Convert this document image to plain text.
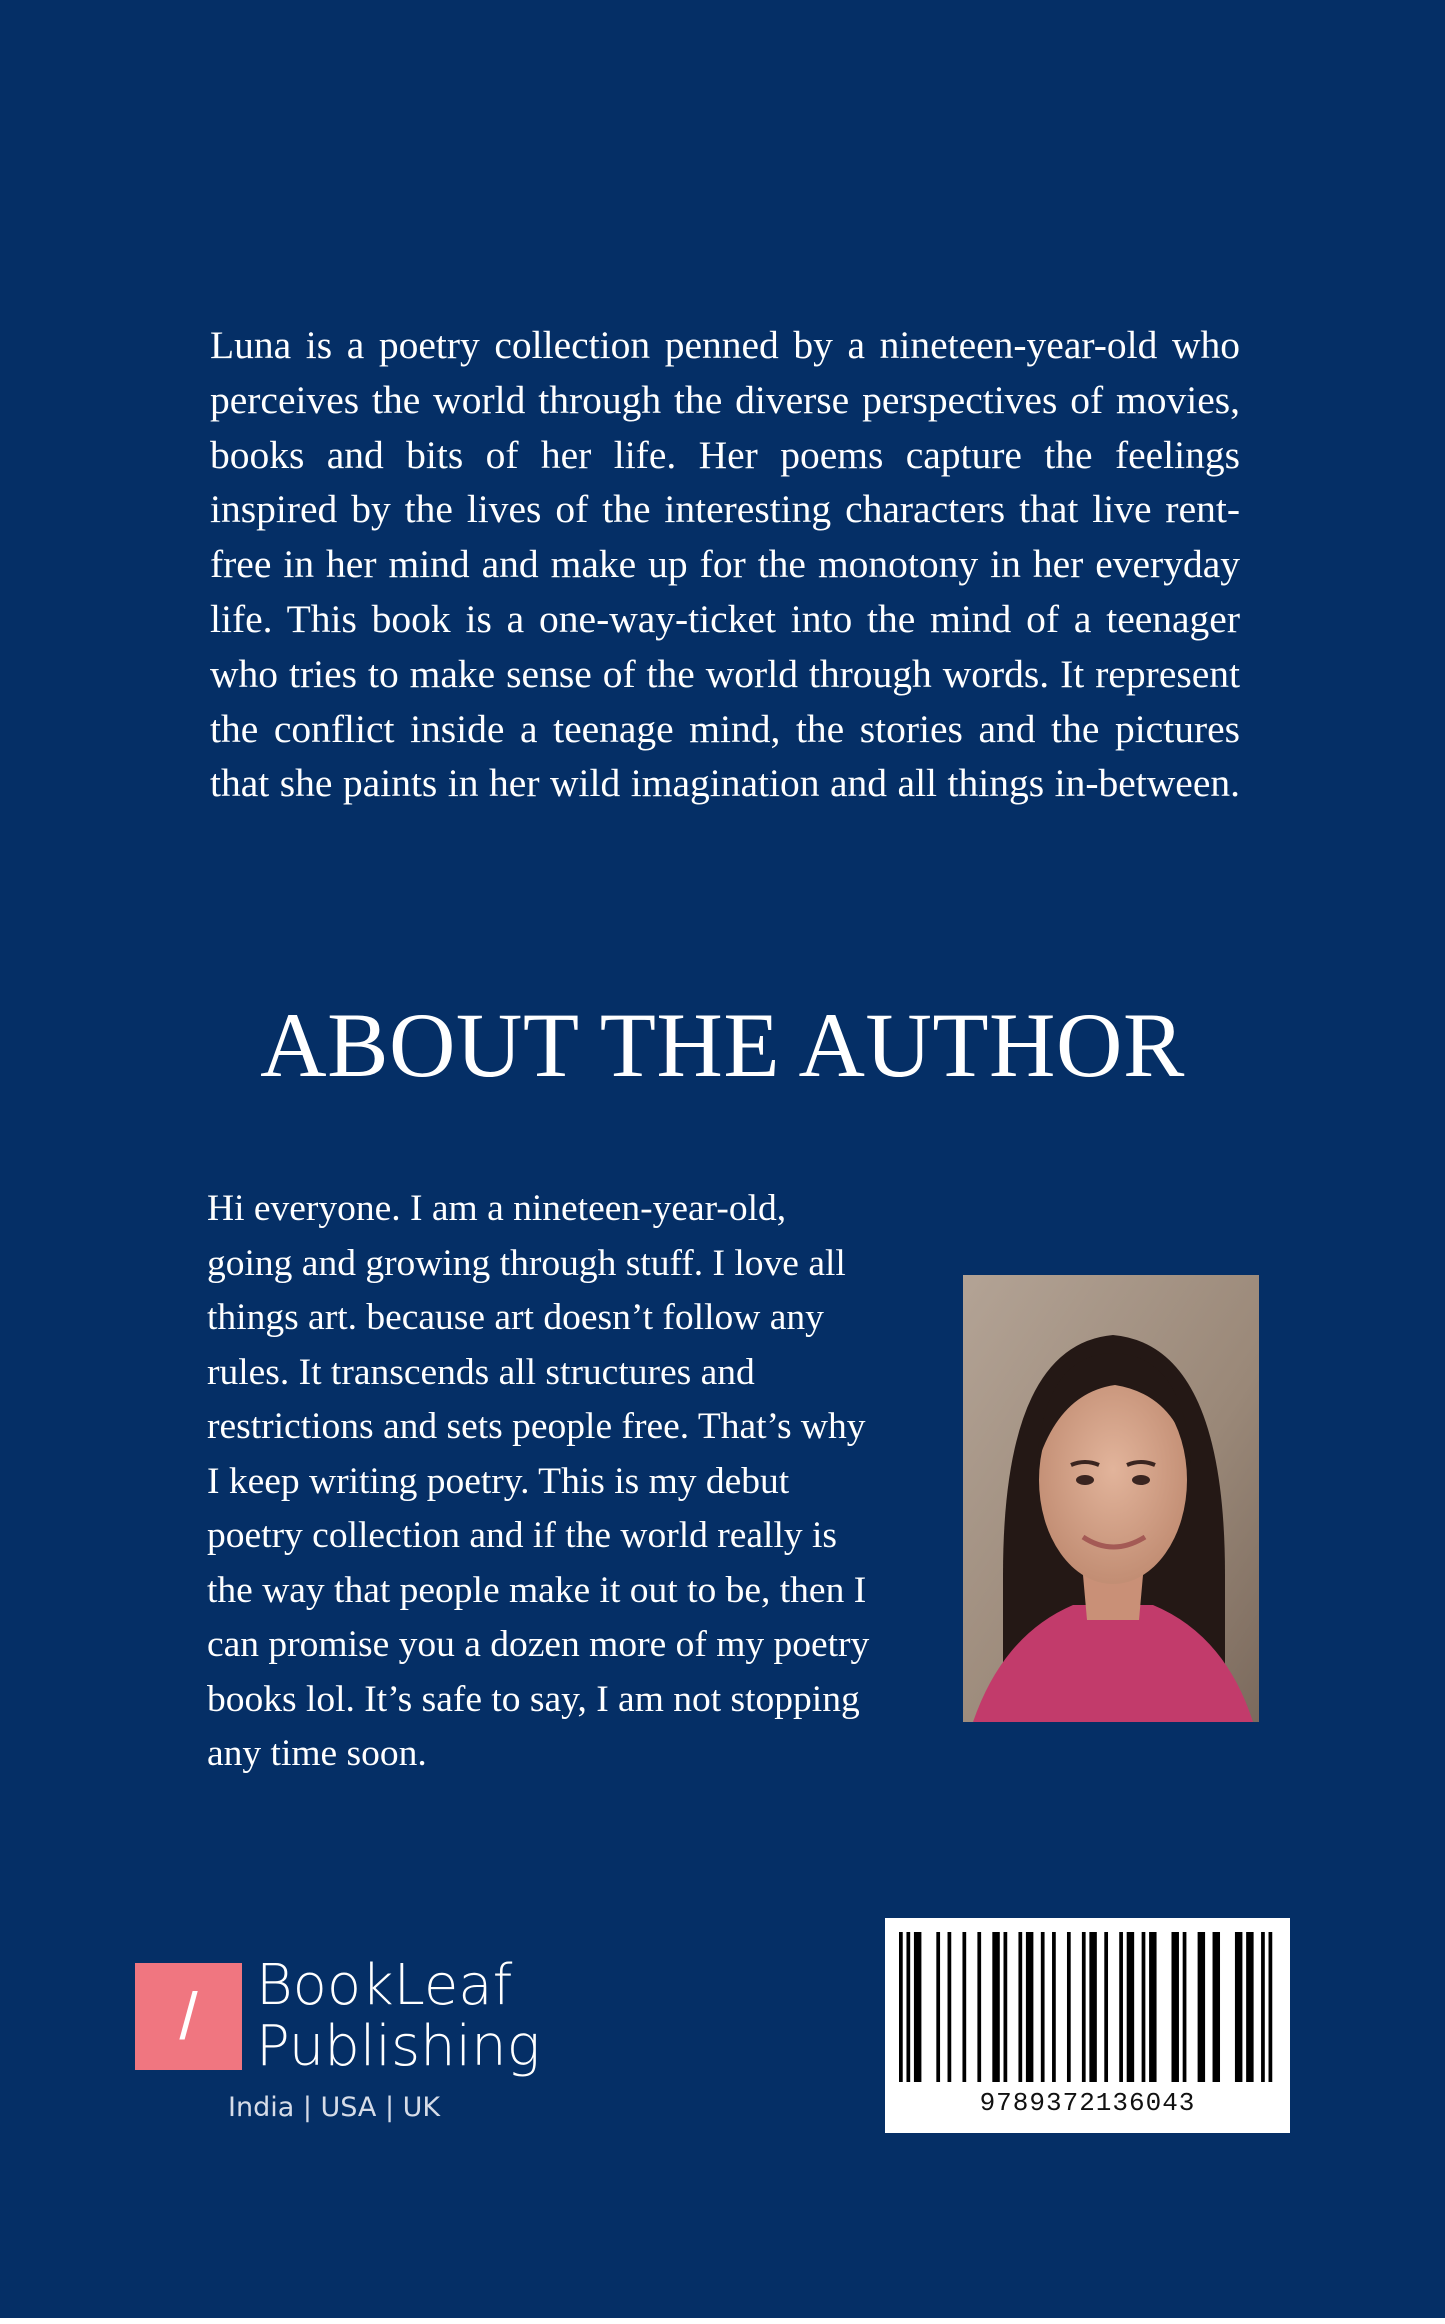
Luna is a poetry collection penned by a nineteen-year-old who perceives the world through the diverse perspectives of movies, books and bits of her life. Her poems capture the feelings inspired by the lives of the interesting characters that live rent-free in her mind and make up for the monotony in her everyday life. This book is a one-way-ticket into the mind of a teenager who tries to make sense of the world through words. It represent the conflict inside a teenage mind, the stories and the pictures that she paints in her wild imagination and all things in-between.

ABOUT THE AUTHOR

Hi everyone. I am a nineteen-year-old, going and growing through stuff. I love all things art. because art doesn’t follow any rules. It transcends all structures and restrictions and sets people free. That’s why I keep writing poetry. This is my debut poetry collection and if the world really is the way that people make it out to be, then I can promise you a dozen more of my poetry books lol. It’s safe to say, I am not stopping any time soon.

/	BookLeaf
Publishing
India | USA | UK	9789372136043
